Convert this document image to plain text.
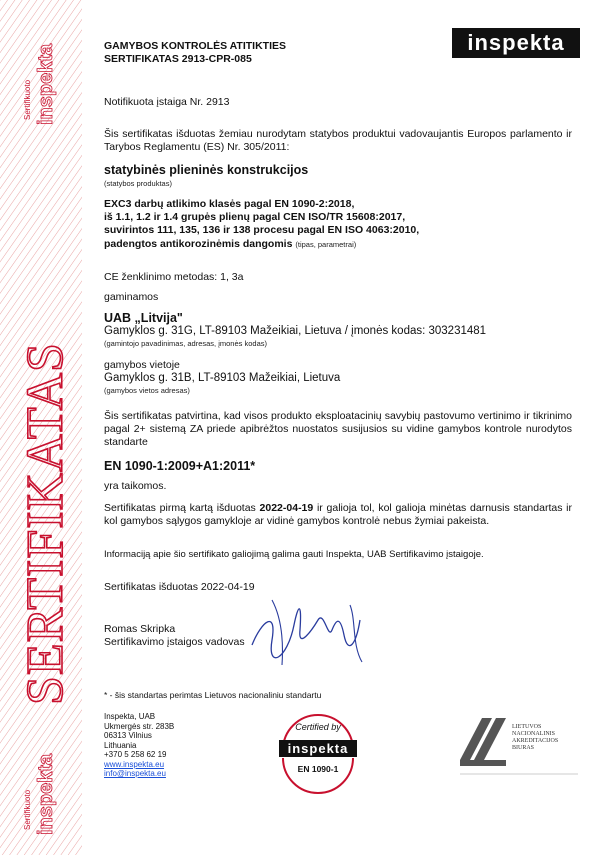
SERTIFIKATAS
Sertifikuoto inspekta
Sertifikuoto inspekta
GAMYBOS KONTROLĖS ATITIKTIES
SERTIFIKATAS 2913-CPR-085
inspekta
Notifikuota įstaiga Nr. 2913
Šis sertifikatas išduotas žemiau nurodytam statybos produktui vadovaujantis Europos parlamento ir Tarybos Reglamentu (ES) Nr. 305/2011:
statybinės plieninės konstrukcijos
(statybos produktas)
EXC3 darbų atlikimo klasės pagal EN 1090-2:2018,
iš 1.1, 1.2 ir 1.4 grupės plienų pagal CEN ISO/TR 15608:2017,
suvirintos 111, 135, 136 ir 138 procesu pagal EN ISO 4063:2010,
padengtos antikorozinėmis dangomis (tipas, parametrai)
CE ženklinimo metodas: 1, 3a
gaminamos
UAB „Litvija"
Gamyklos g. 31G, LT-89103 Mažeikiai, Lietuva / įmonės kodas: 303231481
(gamintojo pavadinimas, adresas, įmonės kodas)
gamybos vietoje
Gamyklos g. 31B, LT-89103 Mažeikiai, Lietuva
(gamybos vietos adresas)
Šis sertifikatas patvirtina, kad visos produkto eksploatacinių savybių pastovumo vertinimo ir tikrinimo pagal 2+ sistemą ZA priede apibrėžtos nuostatos susijusios su vidine gamybos kontrole nurodytos standarte
EN 1090-1:2009+A1:2011*
yra taikomos.
Sertifikatas pirmą kartą išduotas 2022-04-19 ir galioja tol, kol galioja minėtas darnusis standartas ir kol gamybos sąlygos gamykloje ar vidinė gamybos kontrolė nebus žymiai pakeista.
Informaciją apie šio sertifikato galiojimą galima gauti Inspekta, UAB Sertifikavimo įstaigoje.
Sertifikatas išduotas 2022-04-19
Romas Skripka
Sertifikavimo įstaigos vadovas
* - šis standartas perimtas Lietuvos nacionaliniu standartu
Inspekta, UAB
Ukmergės str. 283B
06313 Vilnius
Lithuania
+370 5 258 62 19
www.inspekta.eu
info@inspekta.eu
Certified by
inspekta
EN 1090-1
LIETUVOS
NACIONALINIS
AKREDITACIJOS
BIURAS
